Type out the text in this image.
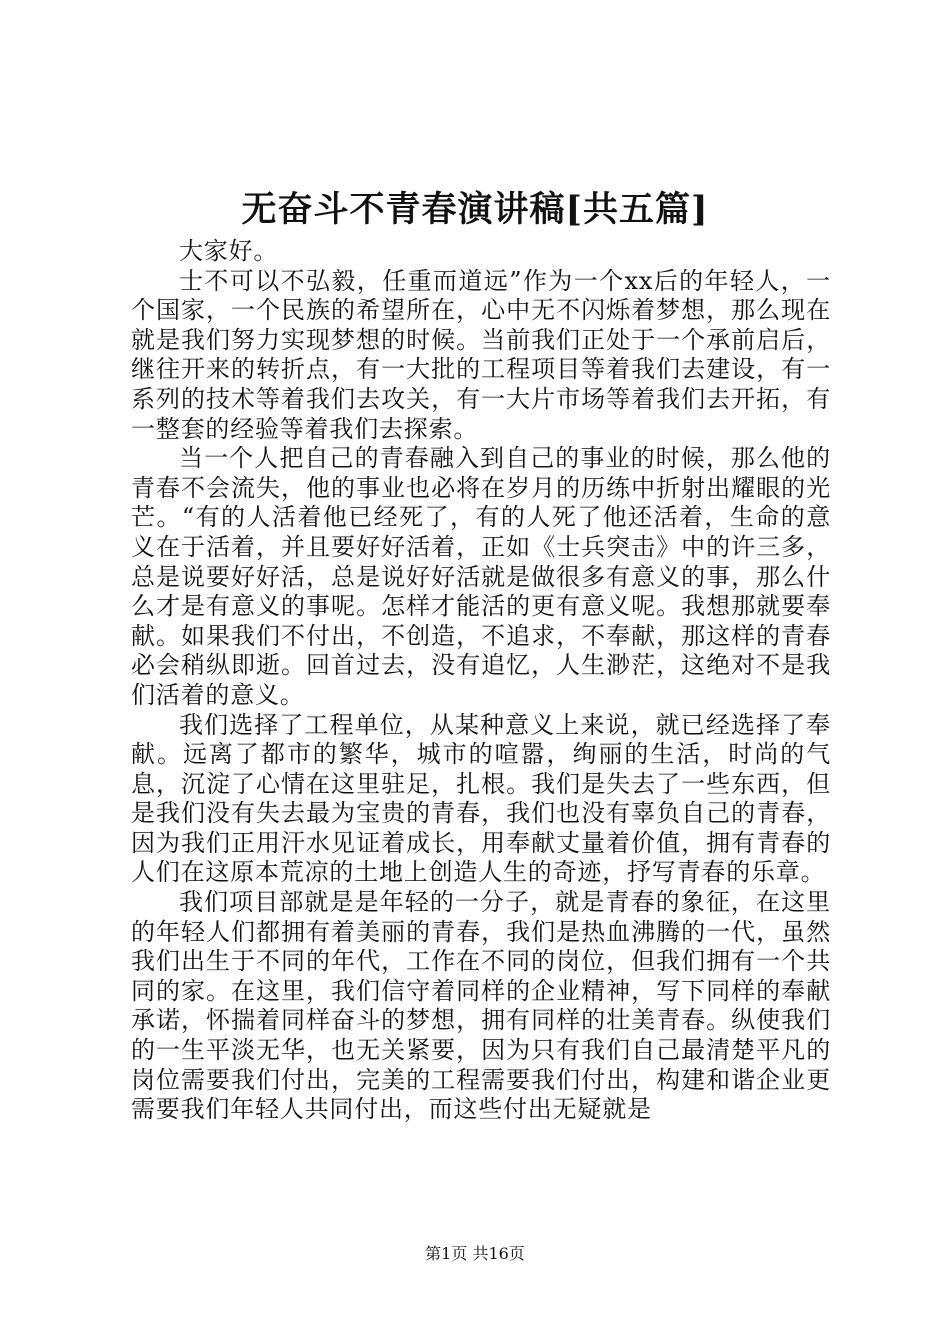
无奋斗不青春演讲稿[共五篇]

大家好。

士不可以不弘毅，任重而道远”作为一个xx后的年轻人，一个国家，一个民族的希望所在，心中无不闪烁着梦想，那么现在就是我们努力实现梦想的时候。当前我们正处于一个承前启后，继往开来的转折点，有一大批的工程项目等着我们去建设，有一系列的技术等着我们去攻关，有一大片市场等着我们去开拓，有一整套的经验等着我们去探索。

当一个人把自己的青春融入到自己的事业的时候，那么他的青春不会流失，他的事业也必将在岁月的历练中折射出耀眼的光芒。“有的人活着他已经死了，有的人死了他还活着，生命的意义在于活着，并且要好好活着，正如《士兵突击》中的许三多，总是说要好好活，总是说好好活就是做很多有意义的事，那么什么才是有意义的事呢。怎样才能活的更有意义呢。我想那就要奉献。如果我们不付出，不创造，不追求，不奉献，那这样的青春必会稍纵即逝。回首过去，没有追忆，人生渺茫，这绝对不是我们活着的意义。

我们选择了工程单位，从某种意义上来说，就已经选择了奉献。远离了都市的繁华，城市的喧嚣，绚丽的生活，时尚的气息，沉淀了心情在这里驻足，扎根。我们是失去了一些东西，但是我们没有失去最为宝贵的青春，我们也没有辜负自己的青春，因为我们正用汗水见证着成长，用奉献丈量着价值，拥有青春的人们在这原本荒凉的土地上创造人生的奇迹，抒写青春的乐章。

我们项目部就是是年轻的一分子，就是青春的象征，在这里的年轻人们都拥有着美丽的青春，我们是热血沸腾的一代，虽然我们出生于不同的年代，工作在不同的岗位，但我们拥有一个共同的家。在这里，我们信守着同样的企业精神，写下同样的奉献承诺，怀揣着同样奋斗的梦想，拥有同样的壮美青春。纵使我们的一生平淡无华，也无关紧要，因为只有我们自己最清楚平凡的岗位需要我们付出，完美的工程需要我们付出，构建和谐企业更需要我们年轻人共同付出，而这些付出无疑就是

第1页 共16页
